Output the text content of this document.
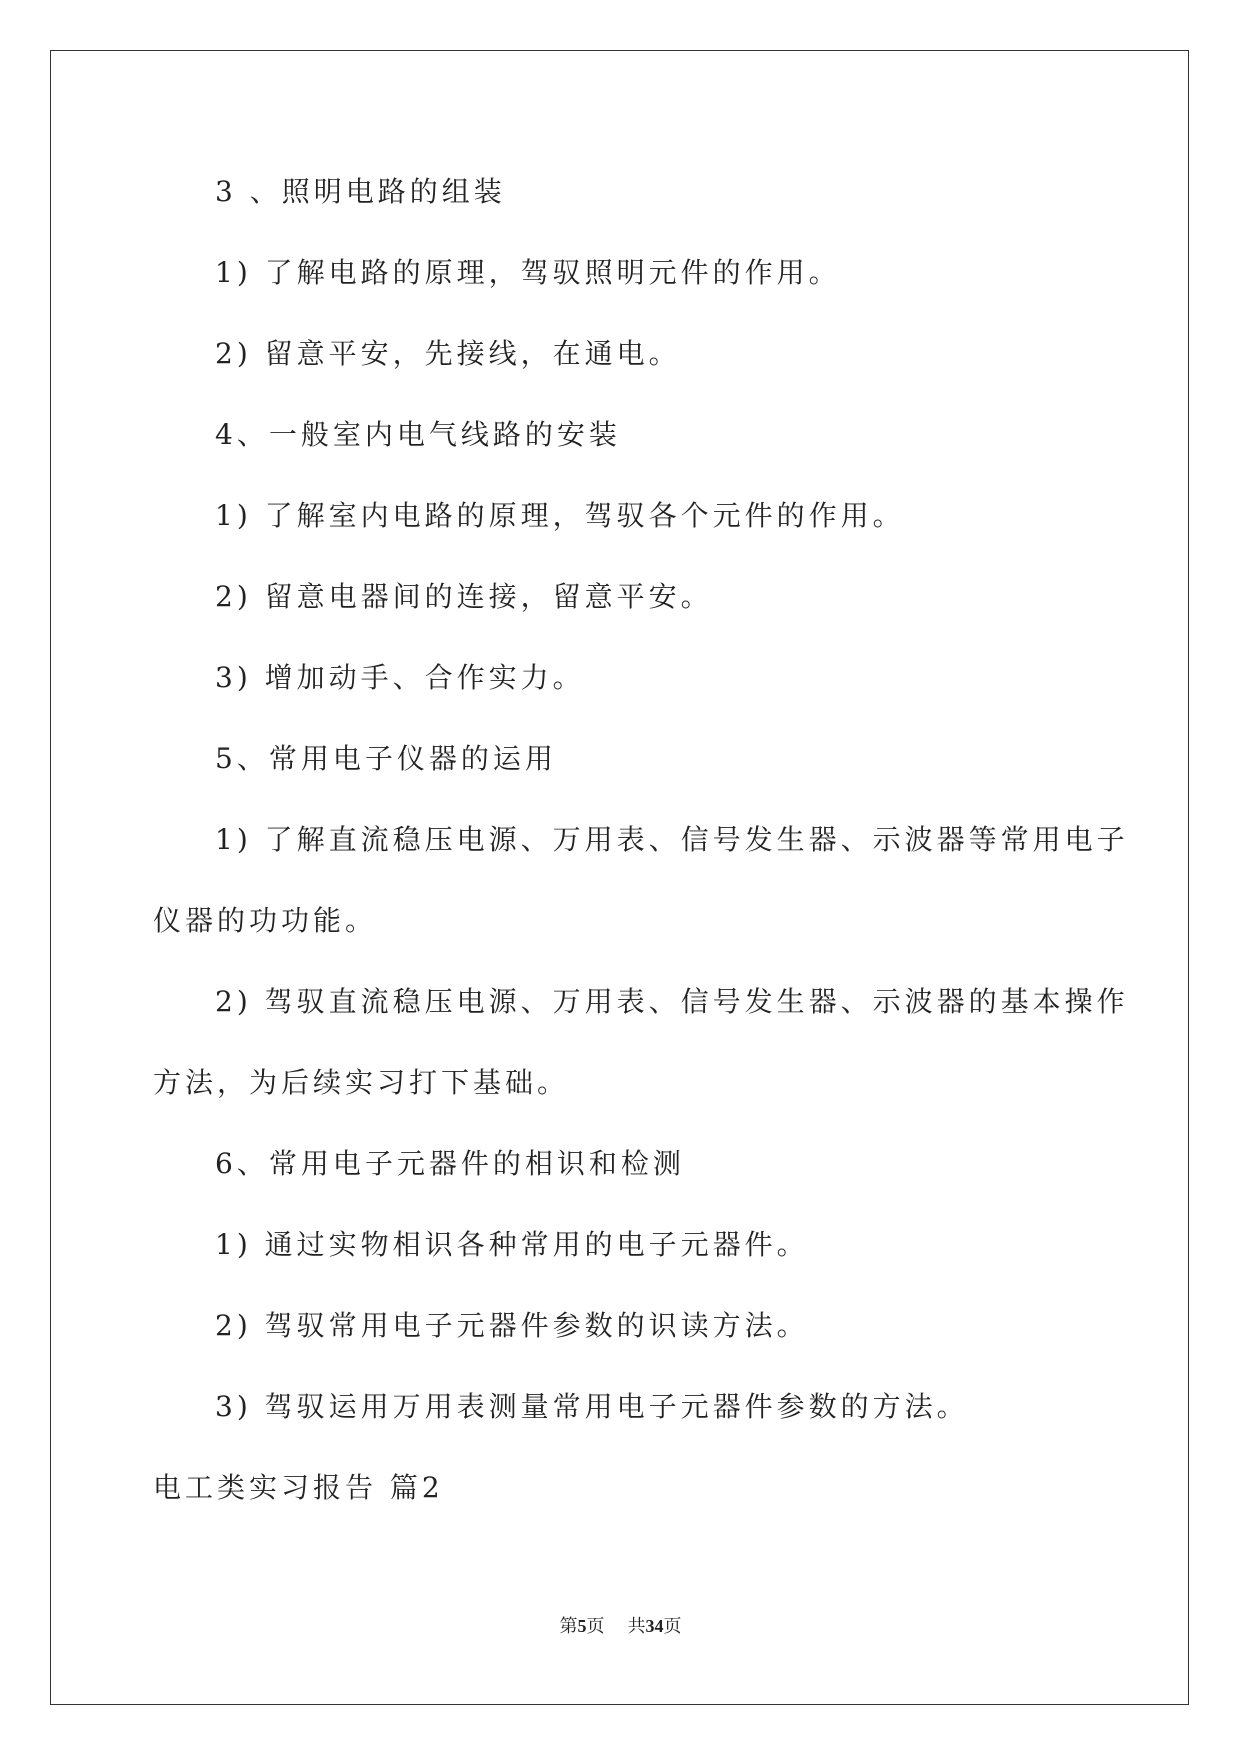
3 、照明电路的组装
1) 了解电路的原理，驾驭照明元件的作用。
2) 留意平安，先接线，在通电。
4、一般室内电气线路的安装
1) 了解室内电路的原理，驾驭各个元件的作用。
2) 留意电器间的连接，留意平安。
3) 增加动手、合作实力。
5、常用电子仪器的运用
1) 了解直流稳压电源、万用表、信号发生器、示波器等常用电子
仪器的功功能。
2) 驾驭直流稳压电源、万用表、信号发生器、示波器的基本操作
方法，为后续实习打下基础。
6、常用电子元器件的相识和检测
1) 通过实物相识各种常用的电子元器件。
2) 驾驭常用电子元器件参数的识读方法。
3) 驾驭运用万用表测量常用电子元器件参数的方法。
电工类实习报告 篇2
第5页 共34页
